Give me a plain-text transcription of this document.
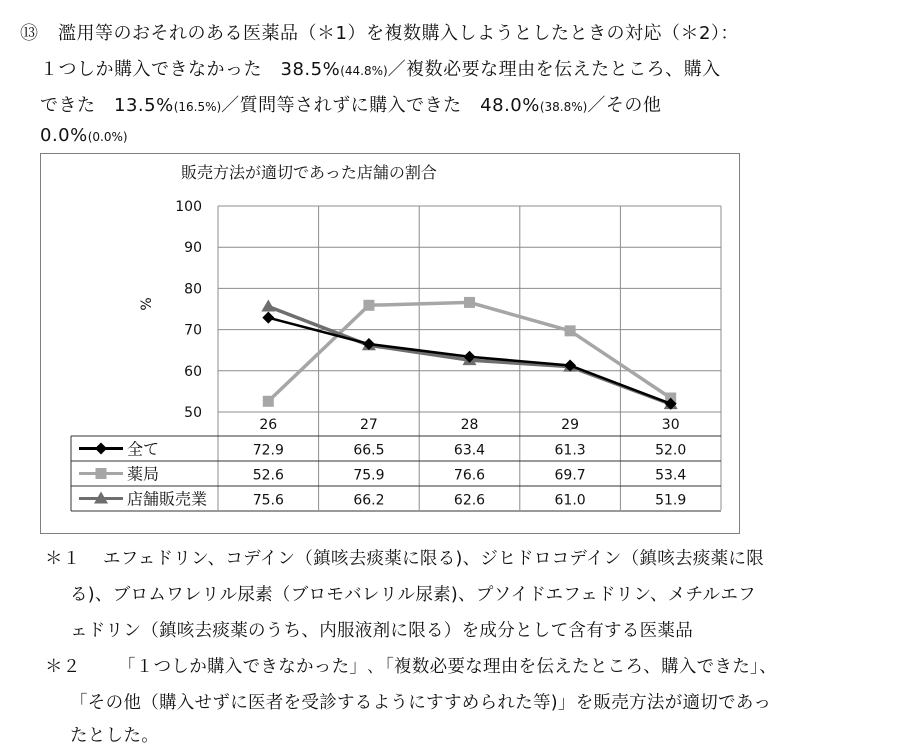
⑬ 濫用等のおそれのある医薬品（＊1）を複数購入しようとしたときの対応（＊2）：
１つしか購入できなかった　38.5%(44.8%)／複数必要な理由を伝えたところ、購入
できた　13.5%(16.5%)／質問等されずに購入できた　48.0%(38.8%)／その他
0.0%(0.0%)
販売方法が適切であった店舗の割合
100
90
80
70
60
50
%
26	27	28	29	30
全て	72.9	66.5	63.4	61.3	52.0
薬局	52.6	75.9	76.6	69.7	53.4
店舗販売業	75.6	66.2	62.6	61.0	51.9
＊１ エフェドリン、コデイン（鎮咳去痰薬に限る)、ジヒドロコデイン（鎮咳去痰薬に限
る)、ブロムワレリル尿素（ブロモバレリル尿素)、プソイドエフェドリン、メチルエフ
ェドリン（鎮咳去痰薬のうち、内服液剤に限る）を成分として含有する医薬品
＊２ 「１つしか購入できなかった」､「複数必要な理由を伝えたところ、購入できた」、
「その他（購入せずに医者を受診するようにすすめられた等)」を販売方法が適切であっ
たとした。
